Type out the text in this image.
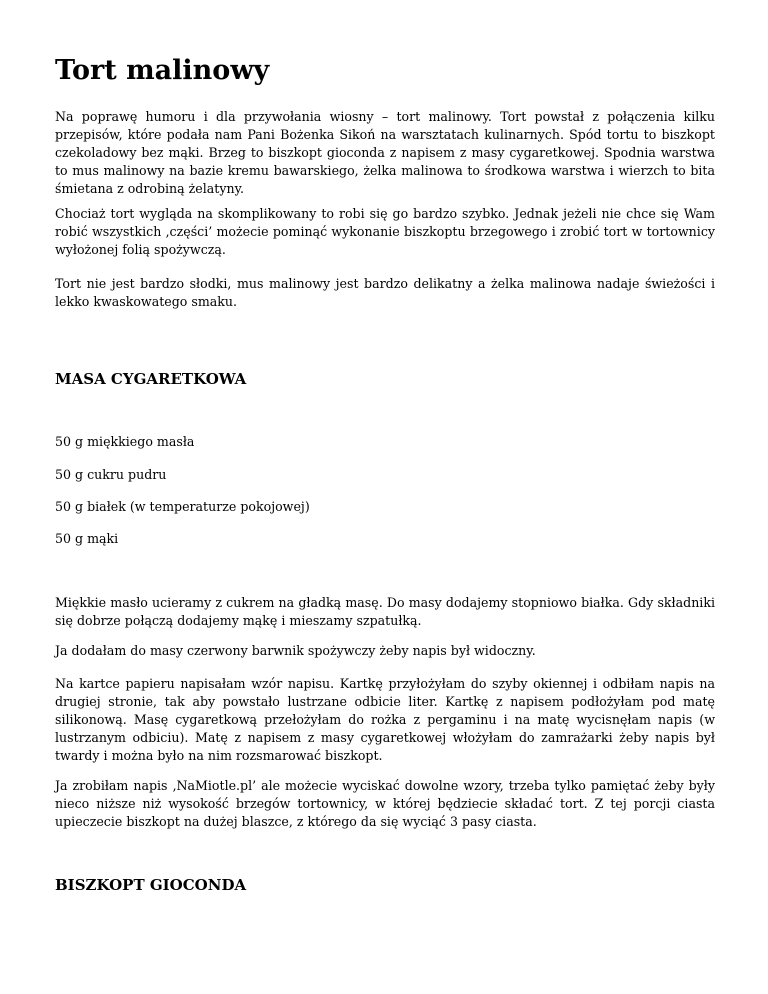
Tort malinowy

Na poprawę humoru i dla przywołania wiosny – tort malinowy. Tort powstał z połączenia kilku przepisów, które podała nam Pani Bożenka Sikoń na warsztatach kulinarnych. Spód tortu to biszkopt czekoladowy bez mąki. Brzeg to biszkopt gioconda z napisem z masy cygaretkowej. Spodnia warstwa to mus malinowy na bazie kremu bawarskiego, żelka malinowa to środkowa warstwa i wierzch to bita śmietana z odrobiną żelatyny.

Chociaż tort wygląda na skomplikowany to robi się go bardzo szybko. Jednak jeżeli nie chce się Wam robić wszystkich ‚części’ możecie pominąć wykonanie biszkoptu brzegowego i zrobić tort w tortownicy wyłożonej folią spożywczą.

Tort nie jest bardzo słodki, mus malinowy jest bardzo delikatny a żelka malinowa nadaje świeżości i lekko kwaskowatego smaku.

MASA CYGARETKOWA

50 g miękkiego masła

50 g cukru pudru

50 g białek (w temperaturze pokojowej)

50 g mąki

Miękkie masło ucieramy z cukrem na gładką masę. Do masy dodajemy stopniowo białka. Gdy składniki się dobrze połączą dodajemy mąkę i mieszamy szpatułką.

Ja dodałam do masy czerwony barwnik spożywczy żeby napis był widoczny.

Na kartce papieru napisałam wzór napisu. Kartkę przyłożyłam do szyby okiennej i odbiłam napis na drugiej stronie, tak aby powstało lustrzane odbicie liter. Kartkę z napisem podłożyłam pod matę silikonową. Masę cygaretkową przełożyłam do rożka z pergaminu i na matę wycisnęłam napis (w lustrzanym odbiciu). Matę z napisem z masy cygaretkowej włożyłam do zamrażarki żeby napis był twardy i można było na nim rozsmarować biszkopt.

Ja zrobiłam napis ‚NaMiotle.pl’ ale możecie wyciskać dowolne wzory, trzeba tylko pamiętać żeby były nieco niższe niż wysokość brzegów tortownicy, w której będziecie składać tort. Z tej porcji ciasta upieczecie biszkopt na dużej blaszce, z którego da się wyciąć 3 pasy ciasta.

BISZKOPT GIOCONDA
